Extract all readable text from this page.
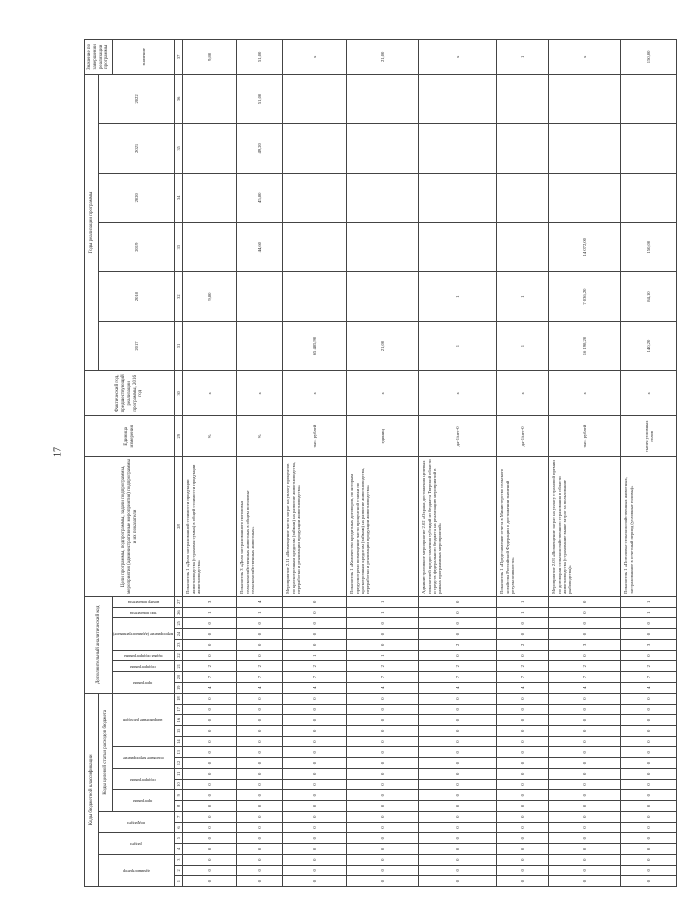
17
Коды бюджетной классификации																		Дополнительный аналитический код									Цели программы, подпрограммы, задачи подпрограммы, мероприятия (административные мероприятия) подпрограммы и их показатели	Единица измерения	Фактический год, предшествующий реализации программы, 2016 год	Годы реализации программы						Значение по завершении реализации программы
администратор			раздел		подраздел		Коды целевой статьи расходов бюджета																							2017	2018	2019	2020	2021	2022	
							программа		подпрограмма		основное мероприятие		направление расходов					программа		подпрограмма	задача подпрограммы	мероприятие (административное)			тип показателя	номер показателя										значение
1	2	3	4	5	6	7	8	9	10	11	12	13	14	15	16	17	18	19	20	21	22	23	24	25	26	27	28	29	30	31	32	33	34	35	36	37
0	0	0	0	0	0	0	0	0	0	0	0	0	0	0	0	0	0	4	7	2	0	0	0	0	1	3	Показатель 1 «Доля застрахованной стоимости продукции животноводства (страховая сумма) в общей стоимости продукции животноводства»	%	х		9,80					9,80
0	0	0	0	0	0	0	0	0	0	0	0	0	0	0	0	0	0	4	7	2	0	0	0	0	1	4	Показатель 3 «Доля застрахованного поголовья сельскохозяйственных животных в общем поголовье сельскохозяйственных животных»	%	х			44,60	45,80	49,20	51,00	51,00
0	0	0	0	0	0	0	0	0	0	0	0	0	0	0	0	0	0	4	7	2	1	0	0	0	0	0	Мероприятие 2.11 «Возмещение части затрат на уплату процентов по краткосрочным кредитам (займам) на развитие животноводства, переработки и реализации продукции животноводства»	тыс. рублей	х	65 485,90						х
0	0	0	0	0	0	0	0	0	0	0	0	0	0	0	0	0	0	4	7	2	1	0	0	0	1	1	Показатель 1 «Количество кредитных договоров, по которым предусмотрено возмещение части процентной ставки по краткосрочным кредитам (займам) на развитие животноводства, переработки и реализации продукции животноводства»	единиц	х	21,00						21,00
0	0	0	0	0	0	0	0	0	0	0	0	0	0	0	0	0	0	4	7	2	0	2	0	0	0	0	Административное мероприятие 2.02 «Охрана достижения целевых показателей предоставления субсидий из бюджета Тверской области и средств федерального бюджета на реализацию мероприятий в рамках программных мероприятий»	да-1/нет-0	х	1	1					х
0	0	0	0	0	0	0	0	0	0	0	0	0	0	0	0	0	0	4	7	2	0	2	0	0	1	1	Показатель 1 «Представление отчета в Министерство сельского хозяйства Российской Федерации о достижении значений результативности»	да-1/нет-0	х	1	1					1
0	0	0	0	0	0	0	0	0	0	0	0	0	0	0	0	0	0	4	7	2	0	3	0	0	0	0	Мероприятие 2.03 «Возмещение затрат на уплату страховой премии по договорам сельскохозяйственного страхования в области животноводства (страхование выше затрат за пользование рыбоводства)»	тыс. рублей	х	16 198,20	7 036,20	14 072,00				х
0	0	0	0	0	0	0	0	0	0	0	0	0	0	0	0	0	0	4	7	2	0	3	0	0	1	1	Показатель 1 «Поголовье сельскохозяйственных животных, застрахованное в отчетный период (условные головы)»	тысяч условных голов	х	140,20	84,10	150,00				150,00
